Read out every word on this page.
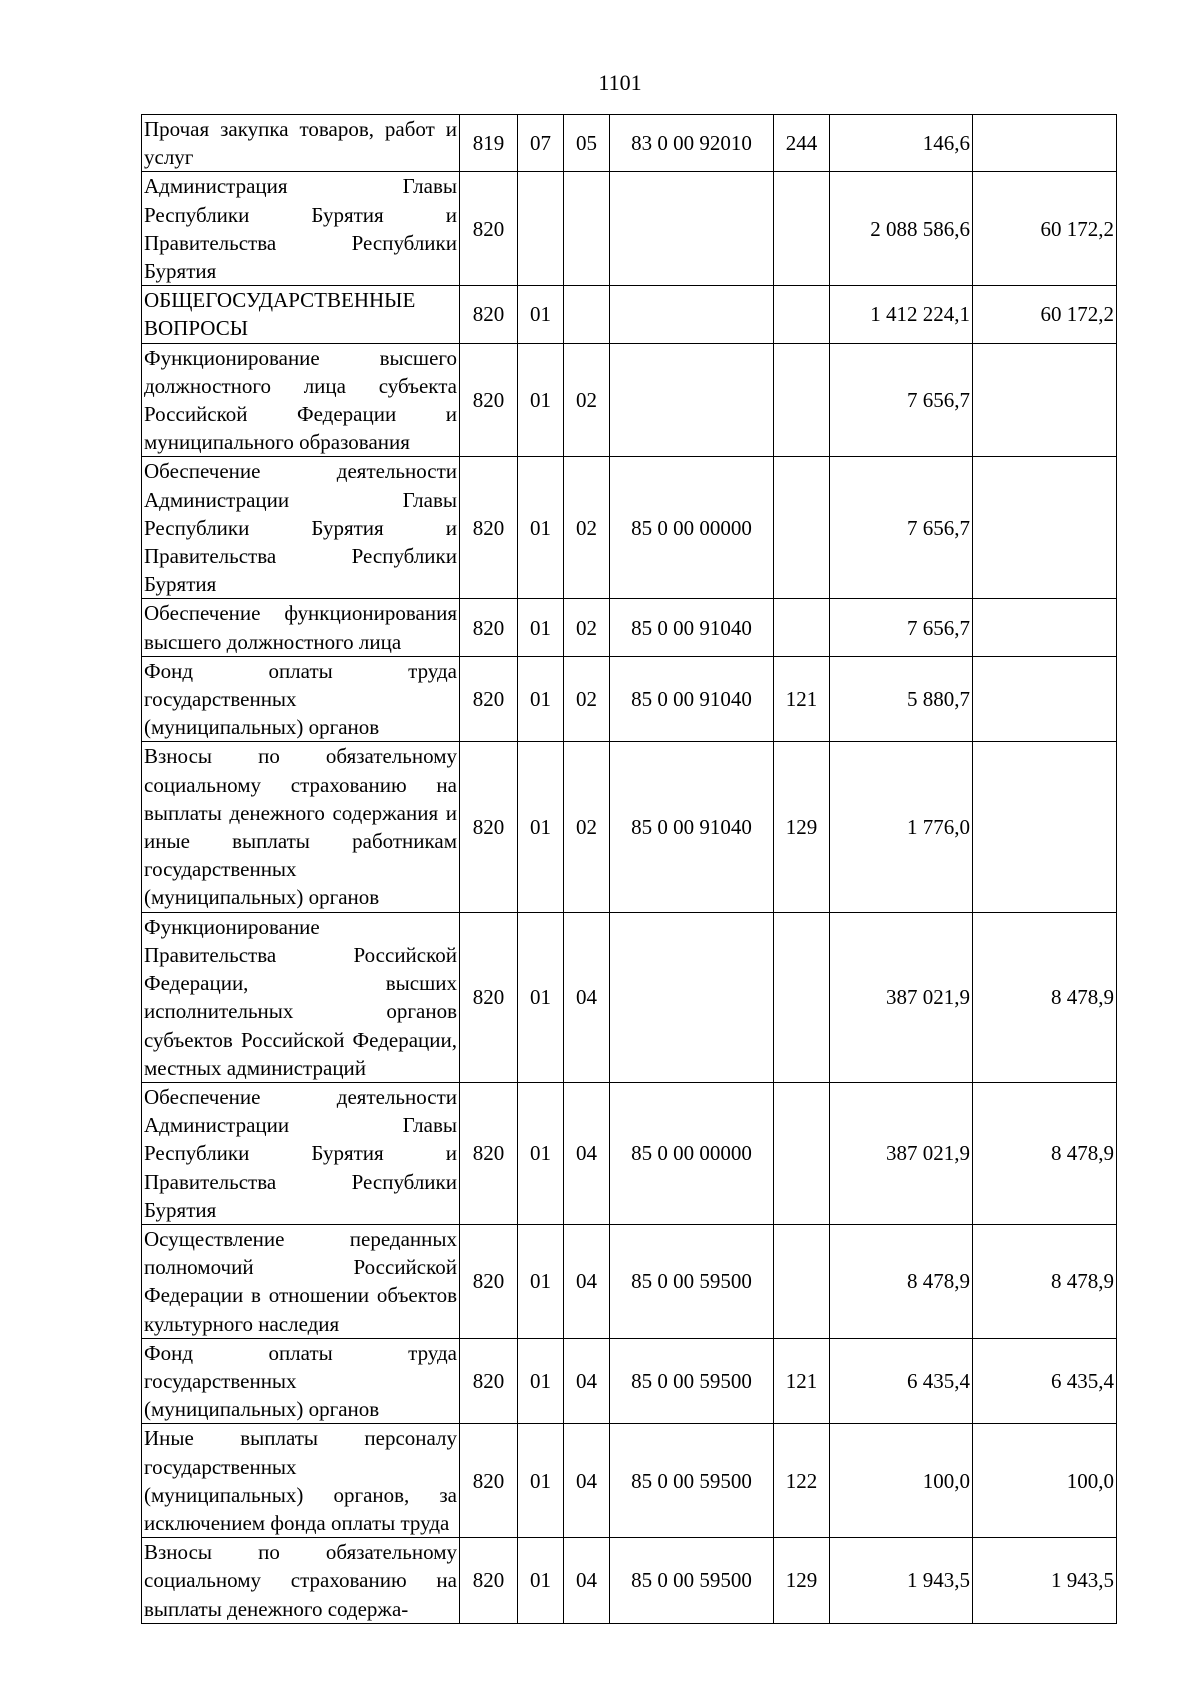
1101
Прочая закупка товаров, работ и услуг	819	07	05	83 0 00 92010	244	146,6	
Администрация Главы Республики Бурятия и Правительства Республики Бурятия	820					2 088 586,6	60 172,2
ОБЩЕГОСУДАРСТВЕННЫЕ ВОПРОСЫ	820	01				1 412 224,1	60 172,2
Функционирование высшего должностного лица субъекта Российской Федерации и муниципального образования	820	01	02			7 656,7	
Обеспечение деятельности Администрации Главы Республики Бурятия и Правительства Республики Бурятия	820	01	02	85 0 00 00000		7 656,7	
Обеспечение функционирования высшего должностного лица	820	01	02	85 0 00 91040		7 656,7	
Фонд оплаты труда государственных (муниципальных) органов	820	01	02	85 0 00 91040	121	5 880,7	
Взносы по обязательному социальному страхованию на выплаты денежного содержания и иные выплаты работникам государственных (муниципальных) органов	820	01	02	85 0 00 91040	129	1 776,0	
Функционирование Правительства Российской Федерации, высших исполнительных органов субъектов Российской Федерации, местных администраций	820	01	04			387 021,9	8 478,9
Обеспечение деятельности Администрации Главы Республики Бурятия и Правительства Республики Бурятия	820	01	04	85 0 00 00000		387 021,9	8 478,9
Осуществление переданных полномочий Российской Федерации в отношении объектов культурного наследия	820	01	04	85 0 00 59500		8 478,9	8 478,9
Фонд оплаты труда государственных (муниципальных) органов	820	01	04	85 0 00 59500	121	6 435,4	6 435,4
Иные выплаты персоналу государственных (муниципальных) органов, за исключением фонда оплаты труда	820	01	04	85 0 00 59500	122	100,0	100,0
Взносы по обязательному социальному страхованию на выплаты денежного содержа-	820	01	04	85 0 00 59500	129	1 943,5	1 943,5
